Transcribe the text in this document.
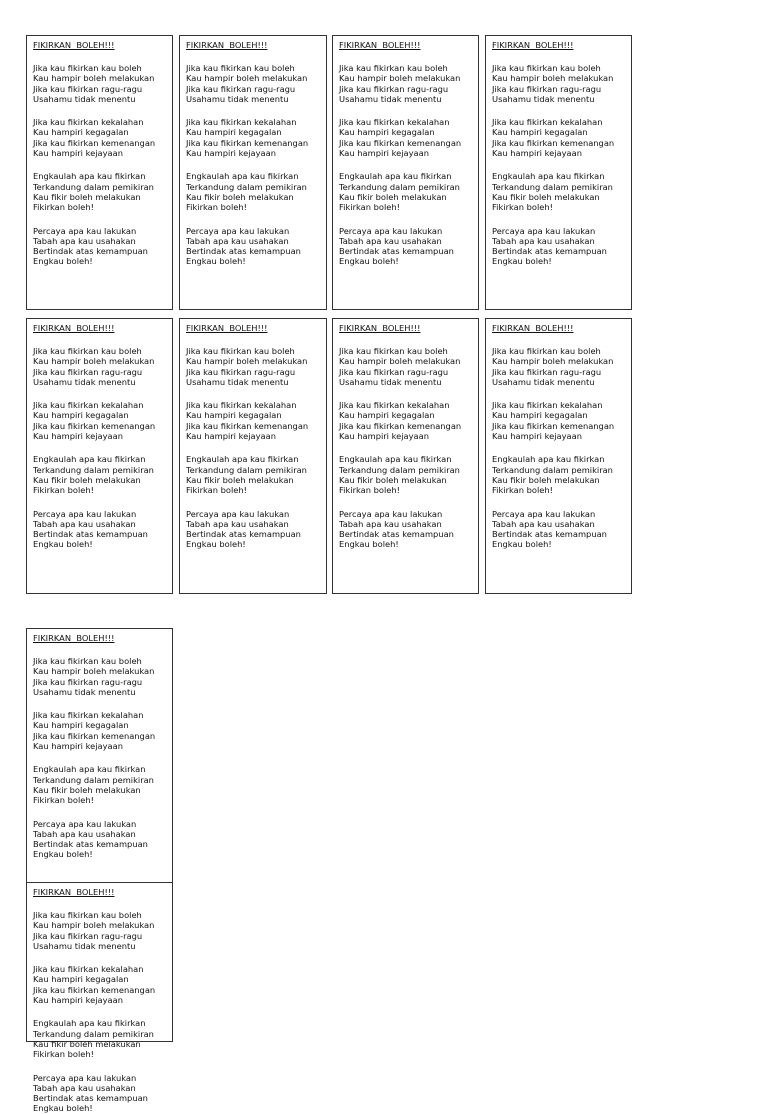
FIKIRKAN  BOLEH!!!
Jika kau fikirkan kau boleh
Kau hampir boleh melakukan
Jika kau fikirkan ragu-ragu
Usahamu tidak menentu
Jika kau fikirkan kekalahan
Kau hampiri kegagalan
Jika kau fikirkan kemenangan
Kau hampiri kejayaan
Engkaulah apa kau fikirkan
Terkandung dalam pemikiran
Kau fikir boleh melakukan
Fikirkan boleh!
Percaya apa kau lakukan
Tabah apa kau usahakan
Bertindak atas kemampuan
Engkau boleh!
FIKIRKAN  BOLEH!!!
Jika kau fikirkan kau boleh
Kau hampir boleh melakukan
Jika kau fikirkan ragu-ragu
Usahamu tidak menentu
Jika kau fikirkan kekalahan
Kau hampiri kegagalan
Jika kau fikirkan kemenangan
Kau hampiri kejayaan
Engkaulah apa kau fikirkan
Terkandung dalam pemikiran
Kau fikir boleh melakukan
Fikirkan boleh!
Percaya apa kau lakukan
Tabah apa kau usahakan
Bertindak atas kemampuan
Engkau boleh!
FIKIRKAN  BOLEH!!!
Jika kau fikirkan kau boleh
Kau hampir boleh melakukan
Jika kau fikirkan ragu-ragu
Usahamu tidak menentu
Jika kau fikirkan kekalahan
Kau hampiri kegagalan
Jika kau fikirkan kemenangan
Kau hampiri kejayaan
Engkaulah apa kau fikirkan
Terkandung dalam pemikiran
Kau fikir boleh melakukan
Fikirkan boleh!
Percaya apa kau lakukan
Tabah apa kau usahakan
Bertindak atas kemampuan
Engkau boleh!
FIKIRKAN  BOLEH!!!
Jika kau fikirkan kau boleh
Kau hampir boleh melakukan
Jika kau fikirkan ragu-ragu
Usahamu tidak menentu
Jika kau fikirkan kekalahan
Kau hampiri kegagalan
Jika kau fikirkan kemenangan
Kau hampiri kejayaan
Engkaulah apa kau fikirkan
Terkandung dalam pemikiran
Kau fikir boleh melakukan
Fikirkan boleh!
Percaya apa kau lakukan
Tabah apa kau usahakan
Bertindak atas kemampuan
Engkau boleh!
FIKIRKAN  BOLEH!!!
Jika kau fikirkan kau boleh
Kau hampir boleh melakukan
Jika kau fikirkan ragu-ragu
Usahamu tidak menentu
Jika kau fikirkan kekalahan
Kau hampiri kegagalan
Jika kau fikirkan kemenangan
Kau hampiri kejayaan
Engkaulah apa kau fikirkan
Terkandung dalam pemikiran
Kau fikir boleh melakukan
Fikirkan boleh!
Percaya apa kau lakukan
Tabah apa kau usahakan
Bertindak atas kemampuan
Engkau boleh!
FIKIRKAN  BOLEH!!!
Jika kau fikirkan kau boleh
Kau hampir boleh melakukan
Jika kau fikirkan ragu-ragu
Usahamu tidak menentu
Jika kau fikirkan kekalahan
Kau hampiri kegagalan
Jika kau fikirkan kemenangan
Kau hampiri kejayaan
Engkaulah apa kau fikirkan
Terkandung dalam pemikiran
Kau fikir boleh melakukan
Fikirkan boleh!
Percaya apa kau lakukan
Tabah apa kau usahakan
Bertindak atas kemampuan
Engkau boleh!
FIKIRKAN  BOLEH!!!
Jika kau fikirkan kau boleh
Kau hampir boleh melakukan
Jika kau fikirkan ragu-ragu
Usahamu tidak menentu
Jika kau fikirkan kekalahan
Kau hampiri kegagalan
Jika kau fikirkan kemenangan
Kau hampiri kejayaan
Engkaulah apa kau fikirkan
Terkandung dalam pemikiran
Kau fikir boleh melakukan
Fikirkan boleh!
Percaya apa kau lakukan
Tabah apa kau usahakan
Bertindak atas kemampuan
Engkau boleh!
FIKIRKAN  BOLEH!!!
Jika kau fikirkan kau boleh
Kau hampir boleh melakukan
Jika kau fikirkan ragu-ragu
Usahamu tidak menentu
Jika kau fikirkan kekalahan
Kau hampiri kegagalan
Jika kau fikirkan kemenangan
Kau hampiri kejayaan
Engkaulah apa kau fikirkan
Terkandung dalam pemikiran
Kau fikir boleh melakukan
Fikirkan boleh!
Percaya apa kau lakukan
Tabah apa kau usahakan
Bertindak atas kemampuan
Engkau boleh!
FIKIRKAN  BOLEH!!!
Jika kau fikirkan kau boleh
Kau hampir boleh melakukan
Jika kau fikirkan ragu-ragu
Usahamu tidak menentu
Jika kau fikirkan kekalahan
Kau hampiri kegagalan
Jika kau fikirkan kemenangan
Kau hampiri kejayaan
Engkaulah apa kau fikirkan
Terkandung dalam pemikiran
Kau fikir boleh melakukan
Fikirkan boleh!
Percaya apa kau lakukan
Tabah apa kau usahakan
Bertindak atas kemampuan
Engkau boleh!
FIKIRKAN  BOLEH!!!
Jika kau fikirkan kau boleh
Kau hampir boleh melakukan
Jika kau fikirkan ragu-ragu
Usahamu tidak menentu
Jika kau fikirkan kekalahan
Kau hampiri kegagalan
Jika kau fikirkan kemenangan
Kau hampiri kejayaan
Engkaulah apa kau fikirkan
Terkandung dalam pemikiran
Kau fikir boleh melakukan
Fikirkan boleh!
Percaya apa kau lakukan
Tabah apa kau usahakan
Bertindak atas kemampuan
Engkau boleh!
